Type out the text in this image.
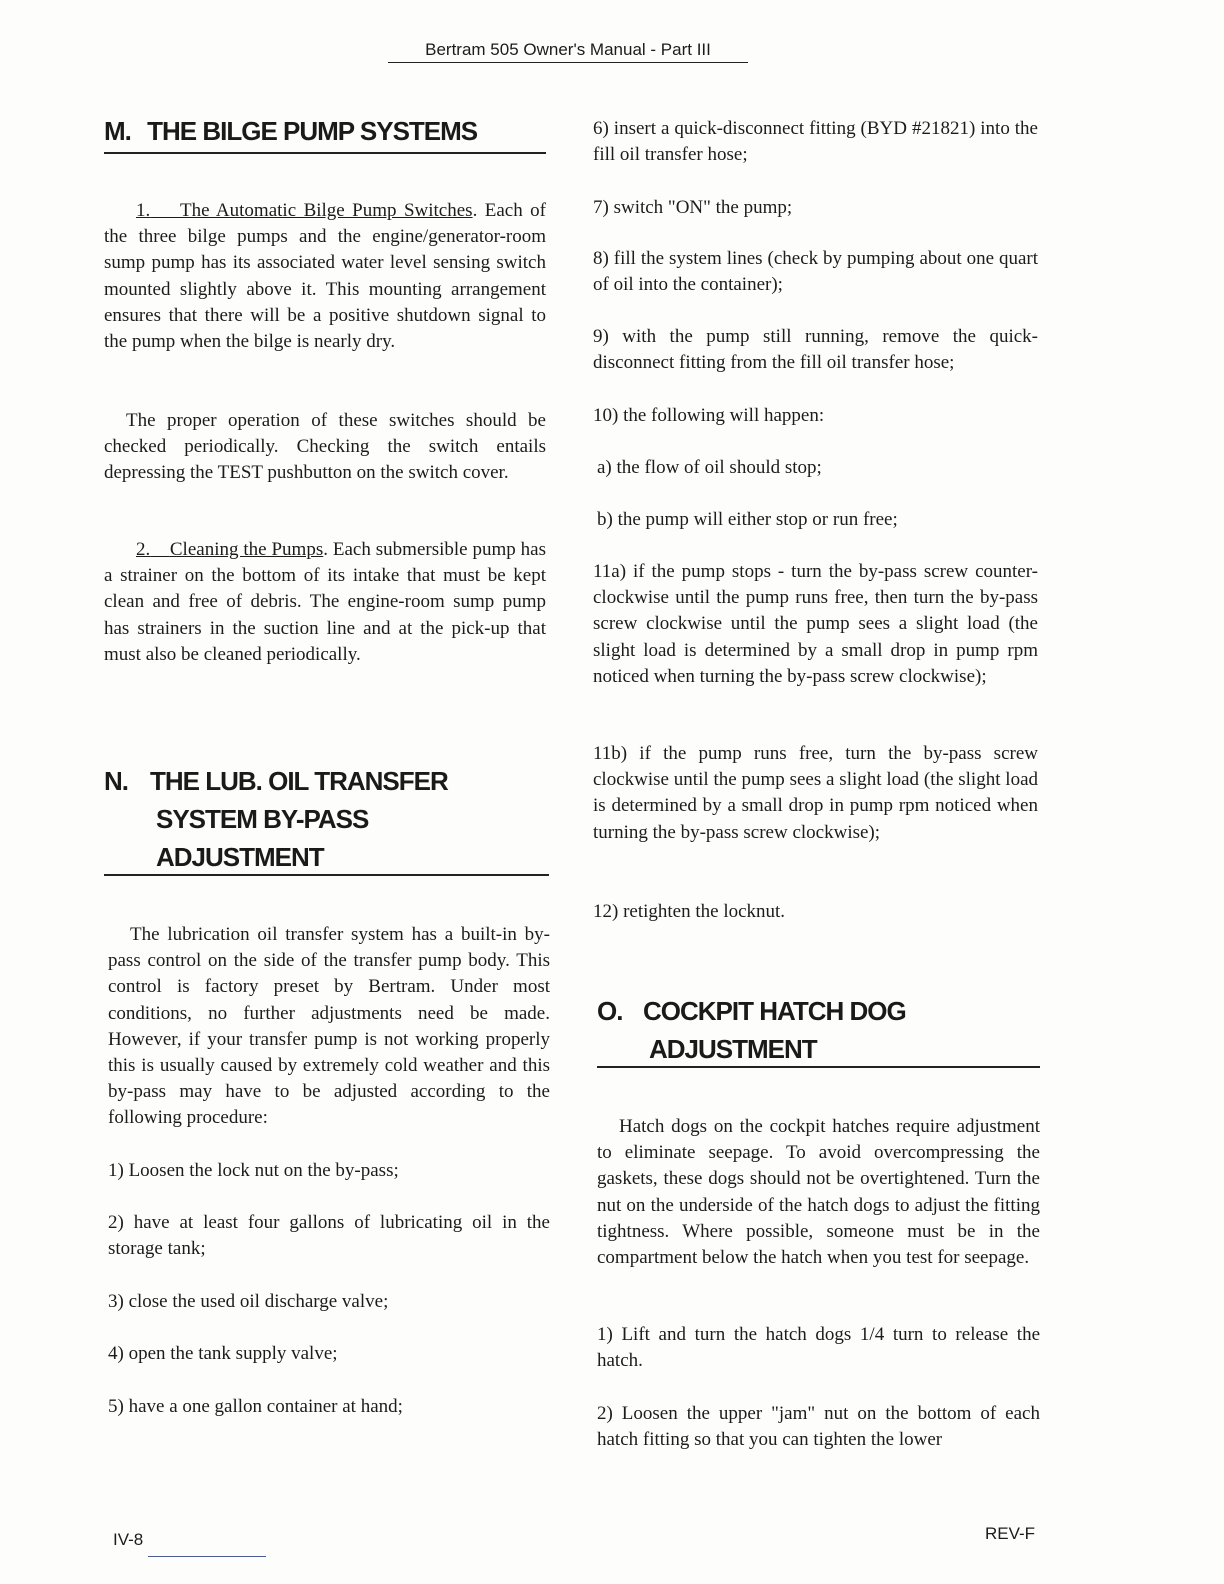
Bertram 505 Owner's Manual - Part III
M. THE BILGE PUMP SYSTEMS

1. The Automatic Bilge Pump Switches. Each of the three bilge pumps and the engine/generator-room sump pump has its associated water level sensing switch mounted slightly above it. This mounting arrangement ensures that there will be a positive shutdown signal to the pump when the bilge is nearly dry.

The proper operation of these switches should be checked periodically. Checking the switch entails depressing the TEST pushbutton on the switch cover.

2. Cleaning the Pumps. Each submersible pump has a strainer on the bottom of its intake that must be kept clean and free of debris. The engine-room sump pump has strainers in the suction line and at the pick-up that must also be cleaned periodically.

N. THE LUB. OIL TRANSFER
SYSTEM BY-PASS
ADJUSTMENT

The lubrication oil transfer system has a built-in by-pass control on the side of the transfer pump body. This control is factory preset by Bertram. Under most conditions, no further adjustments need be made. However, if your transfer pump is not working properly this is usually caused by extremely cold weather and this by-pass may have to be adjusted according to the following procedure:

1) Loosen the lock nut on the by-pass;

2) have at least four gallons of lubricating oil in the storage tank;

3) close the used oil discharge valve;

4) open the tank supply valve;

5) have a one gallon container at hand;

6) insert a quick-disconnect fitting (BYD #21821) into the fill oil transfer hose;

7) switch "ON" the pump;

8) fill the system lines (check by pumping about one quart of oil into the container);

9) with the pump still running, remove the quick-disconnect fitting from the fill oil transfer hose;

10) the following will happen:

a) the flow of oil should stop;

b) the pump will either stop or run free;

11a) if the pump stops - turn the by-pass screw counter-clockwise until the pump runs free, then turn the by-pass screw clockwise until the pump sees a slight load (the slight load is determined by a small drop in pump rpm noticed when turning the by-pass screw clockwise);

11b) if the pump runs free, turn the by-pass screw clockwise until the pump sees a slight load (the slight load is determined by a small drop in pump rpm noticed when turning the by-pass screw clockwise);

12) retighten the locknut.

O. COCKPIT HATCH DOG
ADJUSTMENT

Hatch dogs on the cockpit hatches require adjustment to eliminate seepage. To avoid overcompressing the gaskets, these dogs should not be overtightened. Turn the nut on the underside of the hatch dogs to adjust the fitting tightness. Where possible, someone must be in the compartment below the hatch when you test for seepage.

1) Lift and turn the hatch dogs 1/4 turn to release the hatch.

2) Loosen the upper "jam" nut on the bottom of each hatch fitting so that you can tighten the lower

IV-8	REV-F
